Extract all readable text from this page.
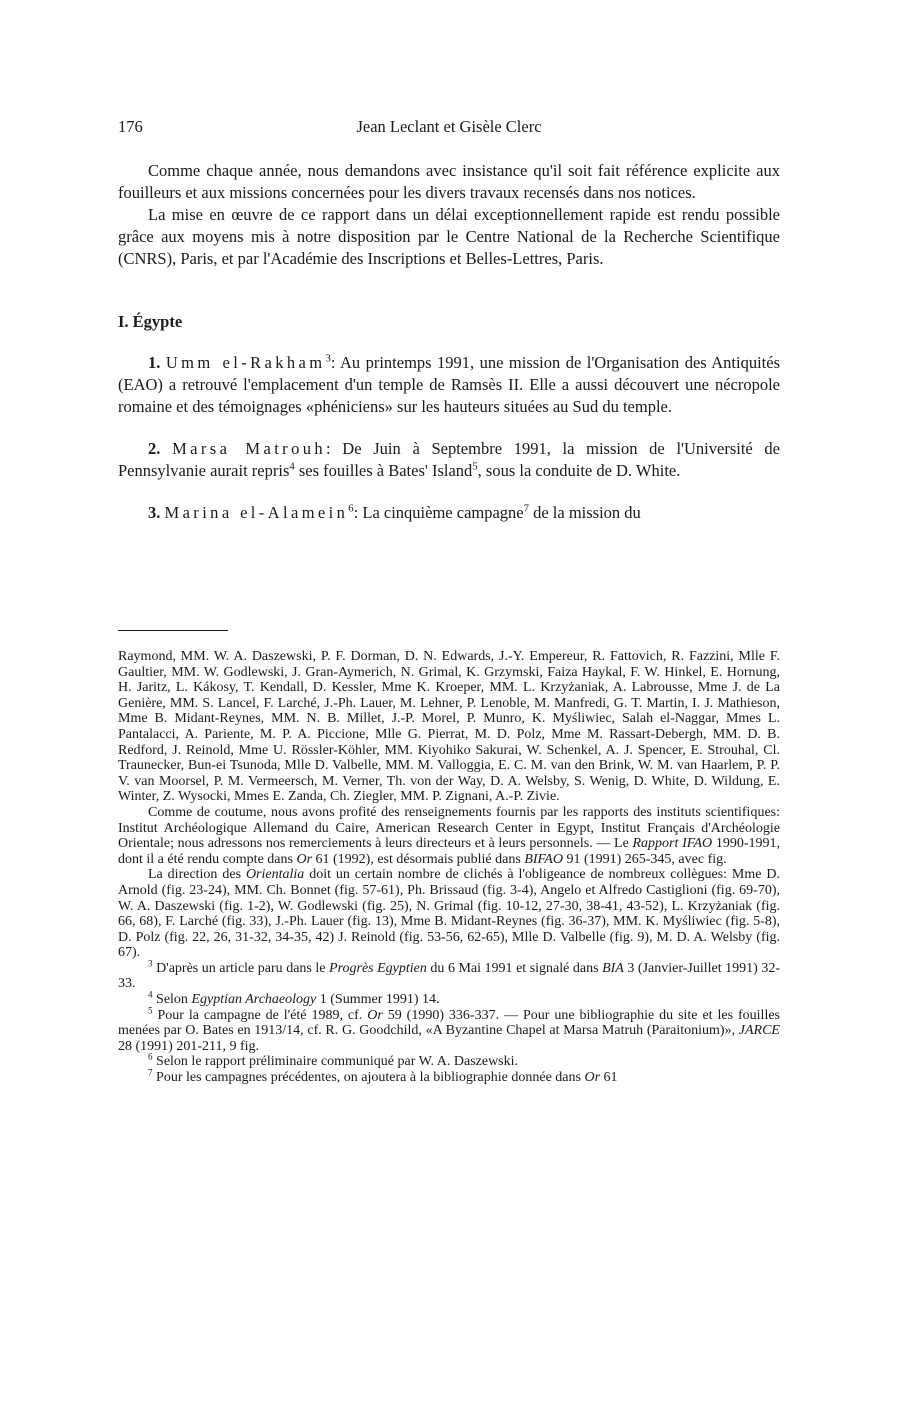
176	Jean Leclant et Gisèle Clerc

Comme chaque année, nous demandons avec insistance qu'il soit fait référence explicite aux fouilleurs et aux missions concernées pour les divers travaux recensés dans nos notices.

La mise en œuvre de ce rapport dans un délai exceptionnellement rapide est rendu possible grâce aux moyens mis à notre disposition par le Centre National de la Recherche Scientifique (CNRS), Paris, et par l'Académie des Inscriptions et Belles-Lettres, Paris.

I. Égypte

1. Umm el-Rakham$^3$: Au printemps 1991, une mission de l'Organisation des Antiquités (EAO) a retrouvé l'emplacement d'un temple de Ramsès II. Elle a aussi découvert une nécropole romaine et des témoignages «phéniciens» sur les hauteurs situées au Sud du temple.

2. Marsa Matrouh: De Juin à Septembre 1991, la mission de l'Université de Pennsylvanie aurait repris$^4$ ses fouilles à Bates' Island$^5$, sous la conduite de D. White.

3. Marina el-Alamein$^6$: La cinquième campagne$^7$ de la mission du

Raymond, MM. W. A. Daszewski, P. F. Dorman, D. N. Edwards, J.-Y. Empereur, R. Fattovich, R. Fazzini, Mlle F. Gaultier, MM. W. Godlewski, J. Gran-Aymerich, N. Grimal, K. Grzymski, Faiza Haykal, F. W. Hinkel, E. Hornung, H. Jaritz, L. Kákosy, T. Kendall, D. Kessler, Mme K. Kroeper, MM. L. Krzyżaniak, A. Labrousse, Mme J. de La Genière, MM. S. Lancel, F. Larché, J.-Ph. Lauer, M. Lehner, P. Lenoble, M. Manfredi, G. T. Martin, I. J. Mathieson, Mme B. Midant-Reynes, MM. N. B. Millet, J.-P. Morel, P. Munro, K. Myśliwiec, Salah el-Naggar, Mmes L. Pantalacci, A. Pariente, M. P. A. Piccione, Mlle G. Pierrat, M. D. Polz, Mme M. Rassart-Debergh, MM. D. B. Redford, J. Reinold, Mme U. Rössler-Köhler, MM. Kiyohiko Sakurai, W. Schenkel, A. J. Spencer, E. Strouhal, Cl. Traunecker, Bun-ei Tsunoda, Mlle D. Valbelle, MM. M. Valloggia, E. C. M. van den Brink, W. M. van Haarlem, P. P. V. van Moorsel, P. M. Vermeersch, M. Verner, Th. von der Way, D. A. Welsby, S. Wenig, D. White, D. Wildung, E. Winter, Z. Wysocki, Mmes E. Zanda, Ch. Ziegler, MM. P. Zignani, A.-P. Zivie.

Comme de coutume, nous avons profité des renseignements fournis par les rapports des instituts scientifiques: Institut Archéologique Allemand du Caire, American Research Center in Egypt, Institut Français d'Archéologie Orientale; nous adressons nos remerciements à leurs directeurs et à leurs personnels. — Le Rapport IFAO 1990-1991, dont il a été rendu compte dans Or 61 (1992), est désormais publié dans BIFAO 91 (1991) 265-345, avec fig.

La direction des Orientalia doit un certain nombre de clichés à l'obligeance de nombreux collègues: Mme D. Arnold (fig. 23-24), MM. Ch. Bonnet (fig. 57-61), Ph. Brissaud (fig. 3-4), Angelo et Alfredo Castiglioni (fig. 69-70), W. A. Daszewski (fig. 1-2), W. Godlewski (fig. 25), N. Grimal (fig. 10-12, 27-30, 38-41, 43-52), L. Krzyżaniak (fig. 66, 68), F. Larché (fig. 33), J.-Ph. Lauer (fig. 13), Mme B. Midant-Reynes (fig. 36-37), MM. K. Myśliwiec (fig. 5-8), D. Polz (fig. 22, 26, 31-32, 34-35, 42) J. Reinold (fig. 53-56, 62-65), Mlle D. Valbelle (fig. 9), M. D. A. Welsby (fig. 67).

$^3$ D'après un article paru dans le Progrès Egyptien du 6 Mai 1991 et signalé dans BIA 3 (Janvier-Juillet 1991) 32-33.

$^4$ Selon Egyptian Archaeology 1 (Summer 1991) 14.

$^5$ Pour la campagne de l'été 1989, cf. Or 59 (1990) 336-337. — Pour une bibliographie du site et les fouilles menées par O. Bates en 1913/14, cf. R. G. Goodchild, «A Byzantine Chapel at Marsa Matruh (Paraitonium)», JARCE 28 (1991) 201-211, 9 fig.

$^6$ Selon le rapport préliminaire communiqué par W. A. Daszewski.

$^7$ Pour les campagnes précédentes, on ajoutera à la bibliographie donnée dans Or 61
